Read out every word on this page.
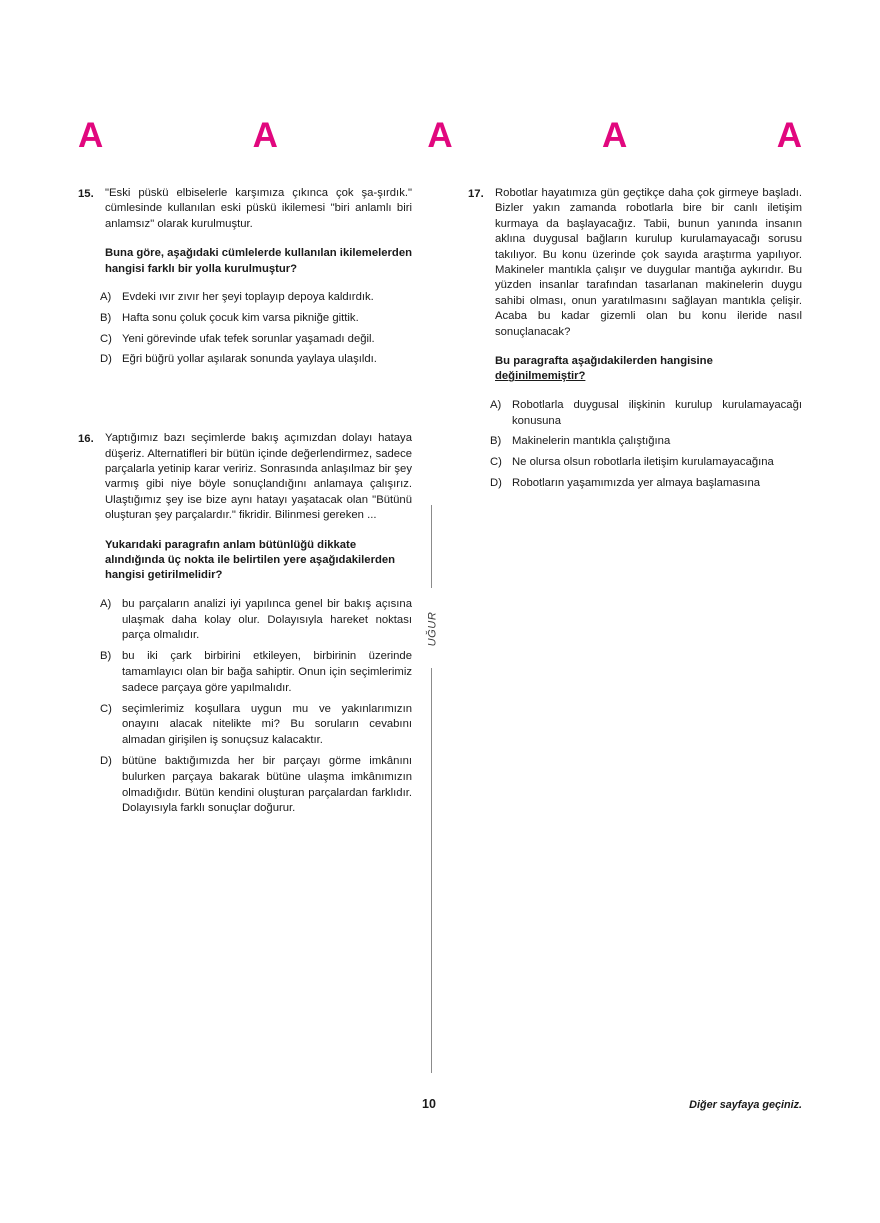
A	A	A	A	A
15. "Eski püskü elbiselerle karşımıza çıkınca çok şa-şırdık." cümlesinde kullanılan eski püskü ikilemesi "biri anlamlı biri anlamsız" olarak kurulmuştur.

Buna göre, aşağıdaki cümlelerde kullanılan ikilemelerden hangisi farklı bir yolla kurulmuştur?

A) Evdeki ıvır zıvır her şeyi toplayıp depoya kaldırdık.
B) Hafta sonu çoluk çocuk kim varsa pikniğe gittik.
C) Yeni görevinde ufak tefek sorunlar yaşamadı değil.
D) Eğri büğrü yollar aşılarak sonunda yaylaya ulaşıldı.
16. Yaptığımız bazı seçimlerde bakış açımızdan dolayı hataya düşeriz. Alternatifleri bir bütün içinde değerlendirmez, sadece parçalarla yetinip karar veririz. Sonrasında anlaşılmaz bir şey varmış gibi niye böyle sonuçlandığını anlamaya çalışırız. Ulaştığımız şey ise bize aynı hatayı yaşatacak olan "Bütünü oluşturan şey parçalardır." fikridir. Bilinmesi gereken ...

Yukarıdaki paragrafın anlam bütünlüğü dikkate alındığında üç nokta ile belirtilen yere aşağıdakilerden hangisi getirilmelidir?

A) bu parçaların analizi iyi yapılınca genel bir bakış açısına ulaşmak daha kolay olur. Dolayısıyla hareket noktası parça olmalıdır.
B) bu iki çark birbirini etkileyen, birbirinin üzerinde tamamlayıcı olan bir bağa sahiptir. Onun için seçimlerimiz sadece parçaya göre yapılmalıdır.
C) seçimlerimiz koşullara uygun mu ve yakınlarımızın onayını alacak nitelikte mi? Bu soruların cevabını almadan girişilen iş sonuçsuz kalacaktır.
D) bütüne baktığımızda her bir parçayı görme imkânını bulurken parçaya bakarak bütüne ulaşma imkânımızın olmadığıdır. Bütün kendini oluşturan parçalardan farklıdır. Dolayısıyla farklı sonuçlar doğurur.
17. Robotlar hayatımıza gün geçtikçe daha çok girmeye başladı. Bizler yakın zamanda robotlarla bire bir canlı iletişim kurmaya da başlayacağız. Tabii, bunun yanında insanın aklına duygusal bağların kurulup kurulamayacağı sorusu takılıyor. Bu konu üzerinde çok sayıda araştırma yapılıyor. Makineler mantıkla çalışır ve duygular mantığa aykırıdır. Bu yüzden insanlar tarafından tasarlanan makinelerin duygu sahibi olması, onun yaratılmasını sağlayan mantıkla çelişir. Acaba bu kadar gizemli olan bu konu ileride nasıl sonuçlanacak?

Bu paragrafta aşağıdakilerden hangisine değinilmemiştir?

A) Robotlarla duygusal ilişkinin kurulup kurulamayacağı konusuna
B) Makinelerin mantıkla çalıştığına
C) Ne olursa olsun robotlarla iletişim kurulamayacağına
D) Robotların yaşamımızda yer almaya başlamasına
UĞUR
10	Diğer sayfaya geçiniz.
